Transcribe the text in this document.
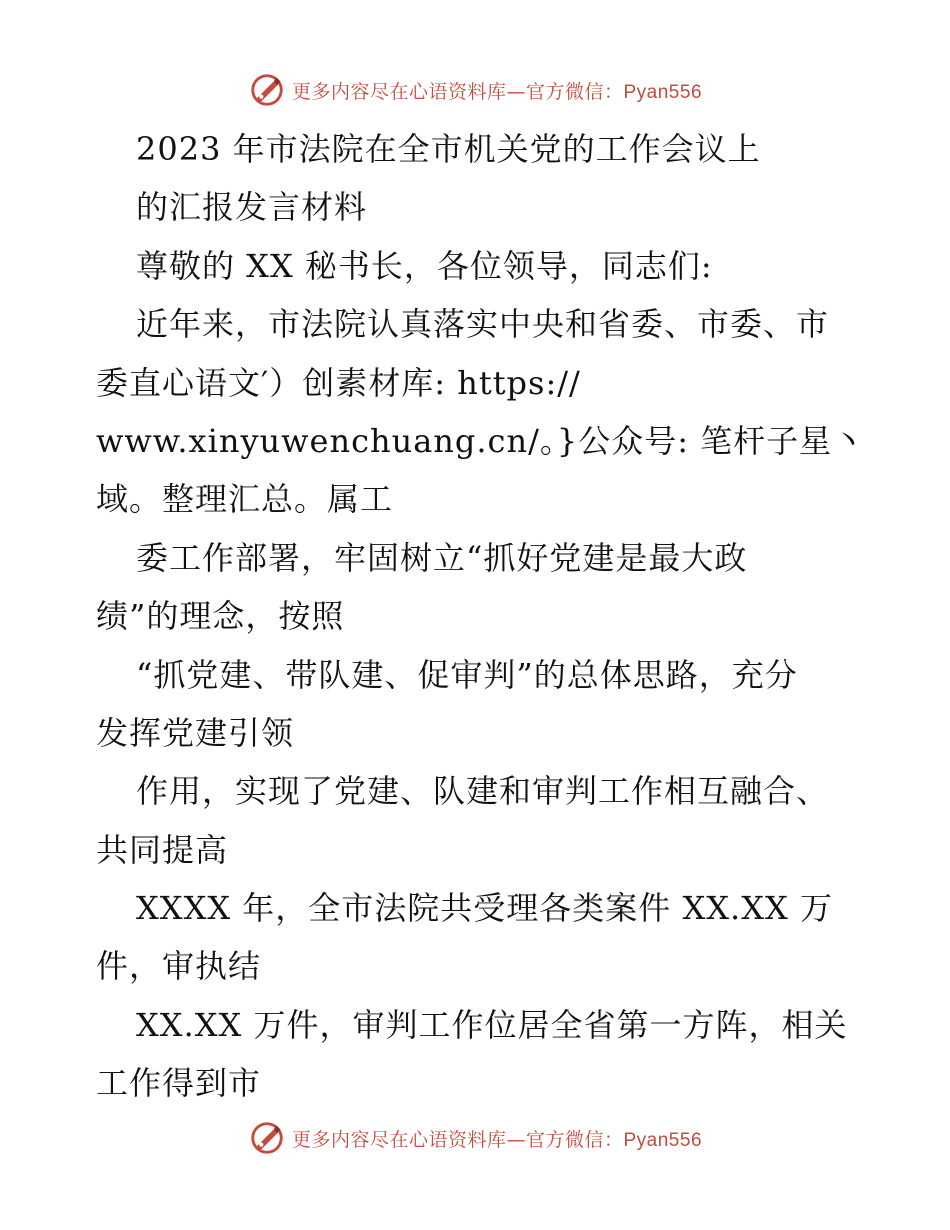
更多内容尽在心语资料库—官方微信：Pyan556
2023 年市法院在全市机关党的工作会议上
的汇报发言材料
尊敬的 XX 秘书长，各位领导，同志们:
近年来，市法院认真落实中央和省委、市委、市
委直心语文′）创素材库: https://
www.xinyuwenchuang.cn/。}公众号: 笔杆子星丶
域。整理汇总。属工
委工作部署，牢固树立“抓好党建是最大政
绩”的理念，按照
“抓党建、带队建、促审判”的总体思路，充分
发挥党建引领
作用，实现了党建、队建和审判工作相互融合、
共同提高
XXXX 年，全市法院共受理各类案件 XX.XX 万
件，审执结
XX.XX 万件，审判工作位居全省第一方阵，相关
工作得到市
更多内容尽在心语资料库—官方微信：Pyan556
